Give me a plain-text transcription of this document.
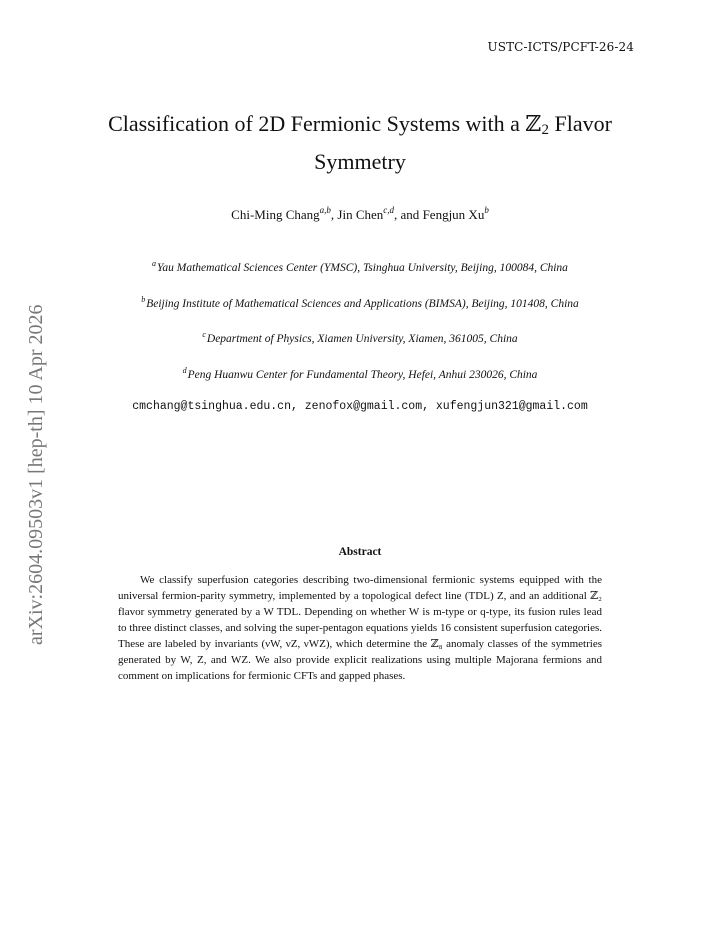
USTC-ICTS/PCFT-26-24
Classification of 2D Fermionic Systems with a ℤ$_2$ Flavor Symmetry
Chi-Ming Chang$^{a,b}$, Jin Chen$^{c,d}$, and Fengjun Xu$^b$
$^a$Yau Mathematical Sciences Center (YMSC), Tsinghua University, Beijing, 100084, China
$^b$Beijing Institute of Mathematical Sciences and Applications (BIMSA), Beijing, 101408, China
$^c$Department of Physics, Xiamen University, Xiamen, 361005, China
$^d$Peng Huanwu Center for Fundamental Theory, Hefei, Anhui 230026, China
cmchang@tsinghua.edu.cn, zenofox@gmail.com, xufengjun321@gmail.com
arXiv:2604.09503v1 [hep-th] 10 Apr 2026	Abstract

We classify superfusion categories describing two-dimensional fermionic systems equipped with the universal fermion-parity symmetry, implemented by a topological defect line (TDL) Z, and an additional ℤ₂ flavor symmetry generated by a W TDL. Depending on whether W is m-type or q-type, its fusion rules lead to three distinct classes, and solving the super-pentagon equations yields 16 consistent superfusion categories. These are labeled by invariants (νW, νZ, νWZ), which determine the ℤ₈ anomaly classes of the symmetries generated by W, Z, and WZ. We also provide explicit realizations using multiple Majorana fermions and comment on implications for fermionic CFTs and gapped phases.
